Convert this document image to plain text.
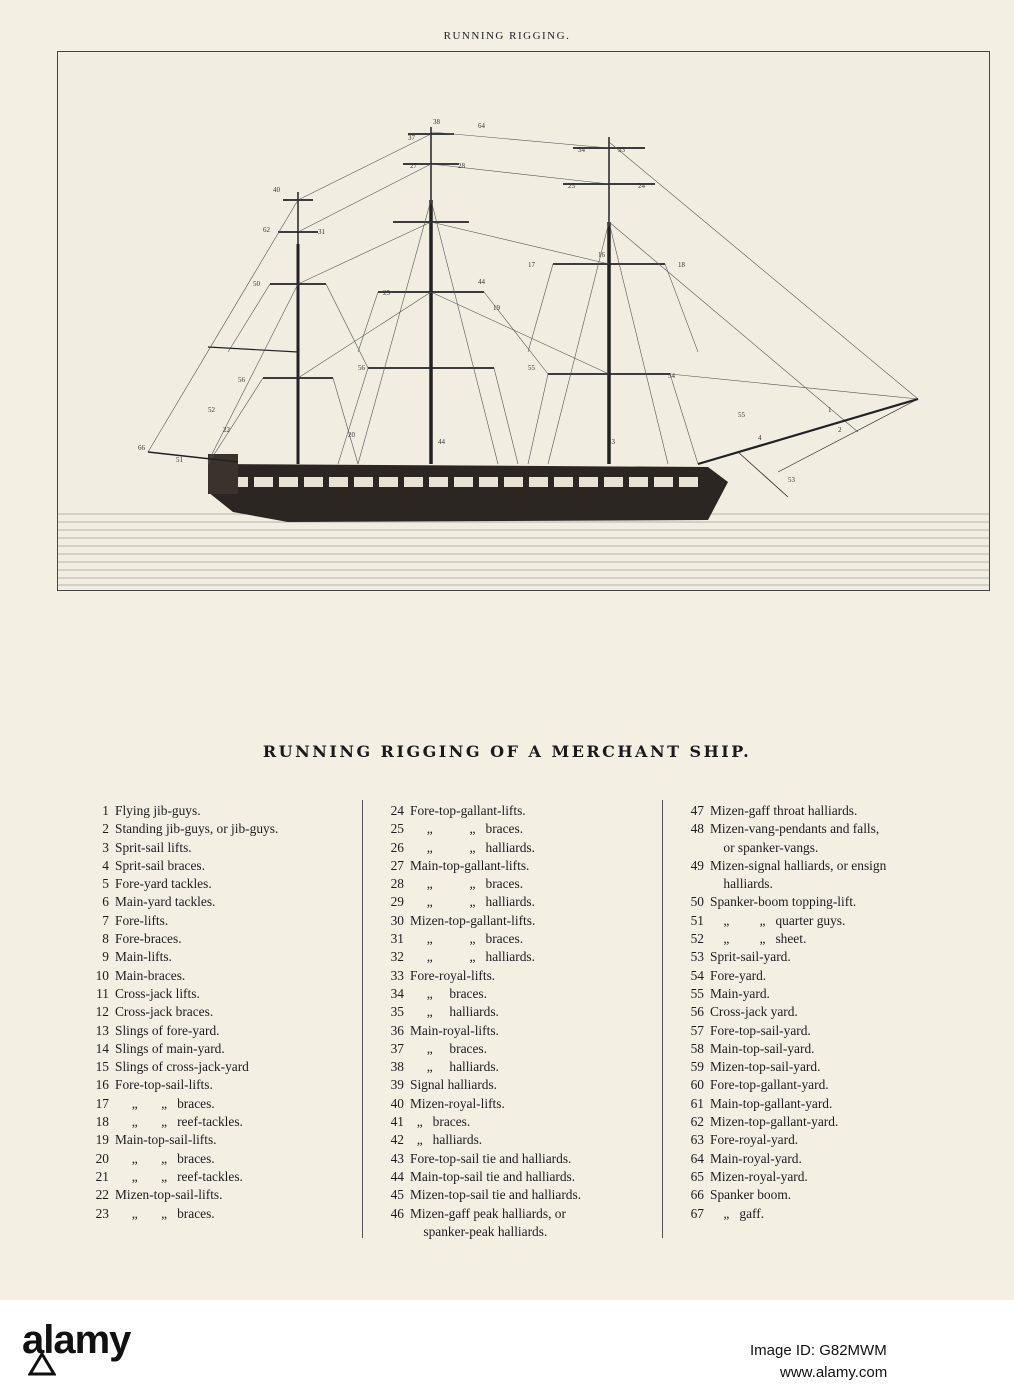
RUNNING RIGGING.
38
37
64
27	28
34	33
25	24
17
16
18
40
62	31
50
25
44
19
56
56	54
55
55
1
2
4
53
66
51
52
22
44	43
20
RUNNING RIGGING OF A MERCHANT SHIP.
1 Flying jib-guys.
2 Standing jib-guys, or jib-guys.
3 Sprit-sail lifts.
4 Sprit-sail braces.
5 Fore-yard tackles.
6 Main-yard tackles.
7 Fore-lifts.
8 Fore-braces.
9 Main-lifts.
10 Main-braces.
11 Cross-jack lifts.
12 Cross-jack braces.
13 Slings of fore-yard.
14 Slings of main-yard.
15 Slings of cross-jack-yard
16 Fore-top-sail-lifts.
17 „       „   braces.
18 „       „   reef-tackles.
19 Main-top-sail-lifts.
20 „       „   braces.
21 „       „   reef-tackles.
22 Mizen-top-sail-lifts.
23 „       „   braces.
24 Fore-top-gallant-lifts.
25 „           „   braces.
26 „           „   halliards.
27 Main-top-gallant-lifts.
28 „           „   braces.
29 „           „   halliards.
30 Mizen-top-gallant-lifts.
31 „           „   braces.
32 „           „   halliards.
33 Fore-royal-lifts.
34 „     braces.
35 „     halliards.
36 Main-royal-lifts.
37 „     braces.
38 „     halliards.
39 Signal halliards.
40 Mizen-royal-lifts.
41 „   braces.
42 „   halliards.
43 Fore-top-sail tie and halliards.
44 Main-top-sail tie and halliards.
45 Mizen-top-sail tie and halliards.
46 Mizen-gaff peak halliards, or
spanker-peak halliards.
47 Mizen-gaff throat halliards.
48 Mizen-vang-pendants and falls,
or spanker-vangs.
49 Mizen-signal halliards, or ensign
halliards.
50 Spanker-boom topping-lift.
51 „         „   quarter guys.
52 „         „   sheet.
53 Sprit-sail-yard.
54 Fore-yard.
55 Main-yard.
56 Cross-jack yard.
57 Fore-top-sail-yard.
58 Main-top-sail-yard.
59 Mizen-top-sail-yard.
60 Fore-top-gallant-yard.
61 Main-top-gallant-yard.
62 Mizen-top-gallant-yard.
63 Fore-royal-yard.
64 Main-royal-yard.
65 Mizen-royal-yard.
66 Spanker boom.
67 „   gaff.
alamy	Image ID: G82MWM
www.alamy.com
